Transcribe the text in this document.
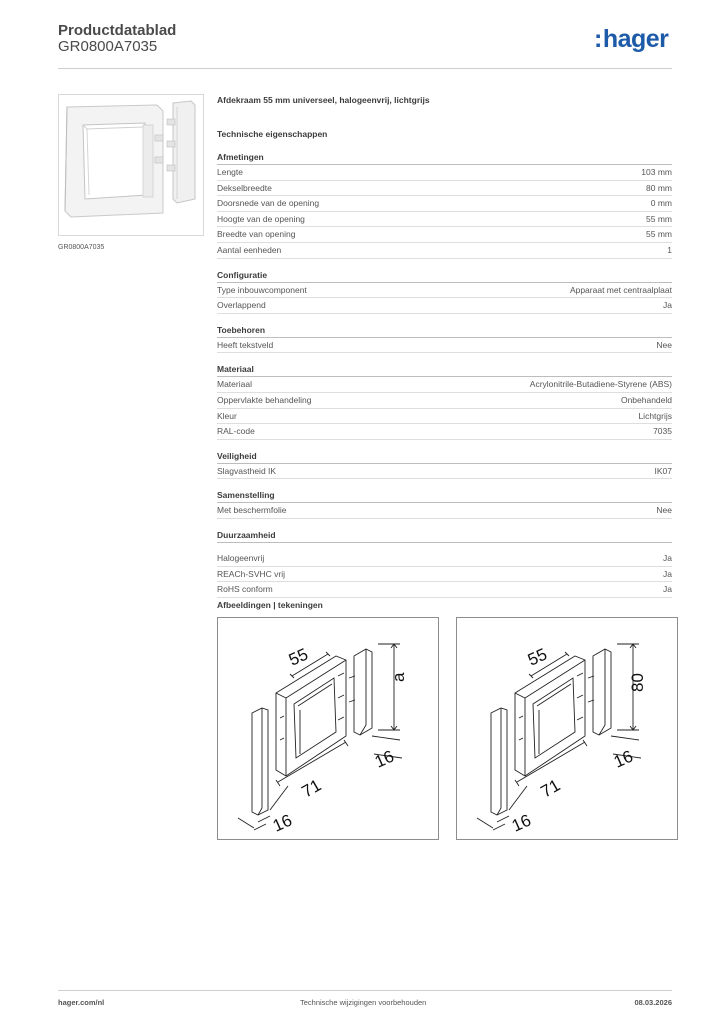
Productdatablad
GR0800A7035	:hager
GR0800A7035
Afdekraam 55 mm universeel, halogeenvrij, lichtgrijs
Technische eigenschappen
Afmetingen
Lengte	103 mm
Dekselbreedte	80 mm
Doorsnede van de opening	0 mm
Hoogte van de opening	55 mm
Breedte van opening	55 mm
Aantal eenheden	1
Configuratie
Type inbouwcomponent	Apparaat met centraalplaat
Overlappend	Ja
Toebehoren
Heeft tekstveld	Nee
Materiaal
Materiaal	Acrylonitrile-Butadiene-Styrene (ABS)
Oppervlakte behandeling	Onbehandeld
Kleur	Lichtgrijs
RAL-code	7035
Veiligheid
Slagvastheid IK	IK07
Samenstelling
Met beschermfolie	Nee
Duurzaamheid
Halogeenvrij	Ja
REACh-SVHC vrij	Ja
RoHS conform	Ja
Afbeeldingen | tekeningen
55
a
16
71
16
55
80
16
71
16
hager.com/nl	Technische wijzigingen voorbehouden	08.03.2026
